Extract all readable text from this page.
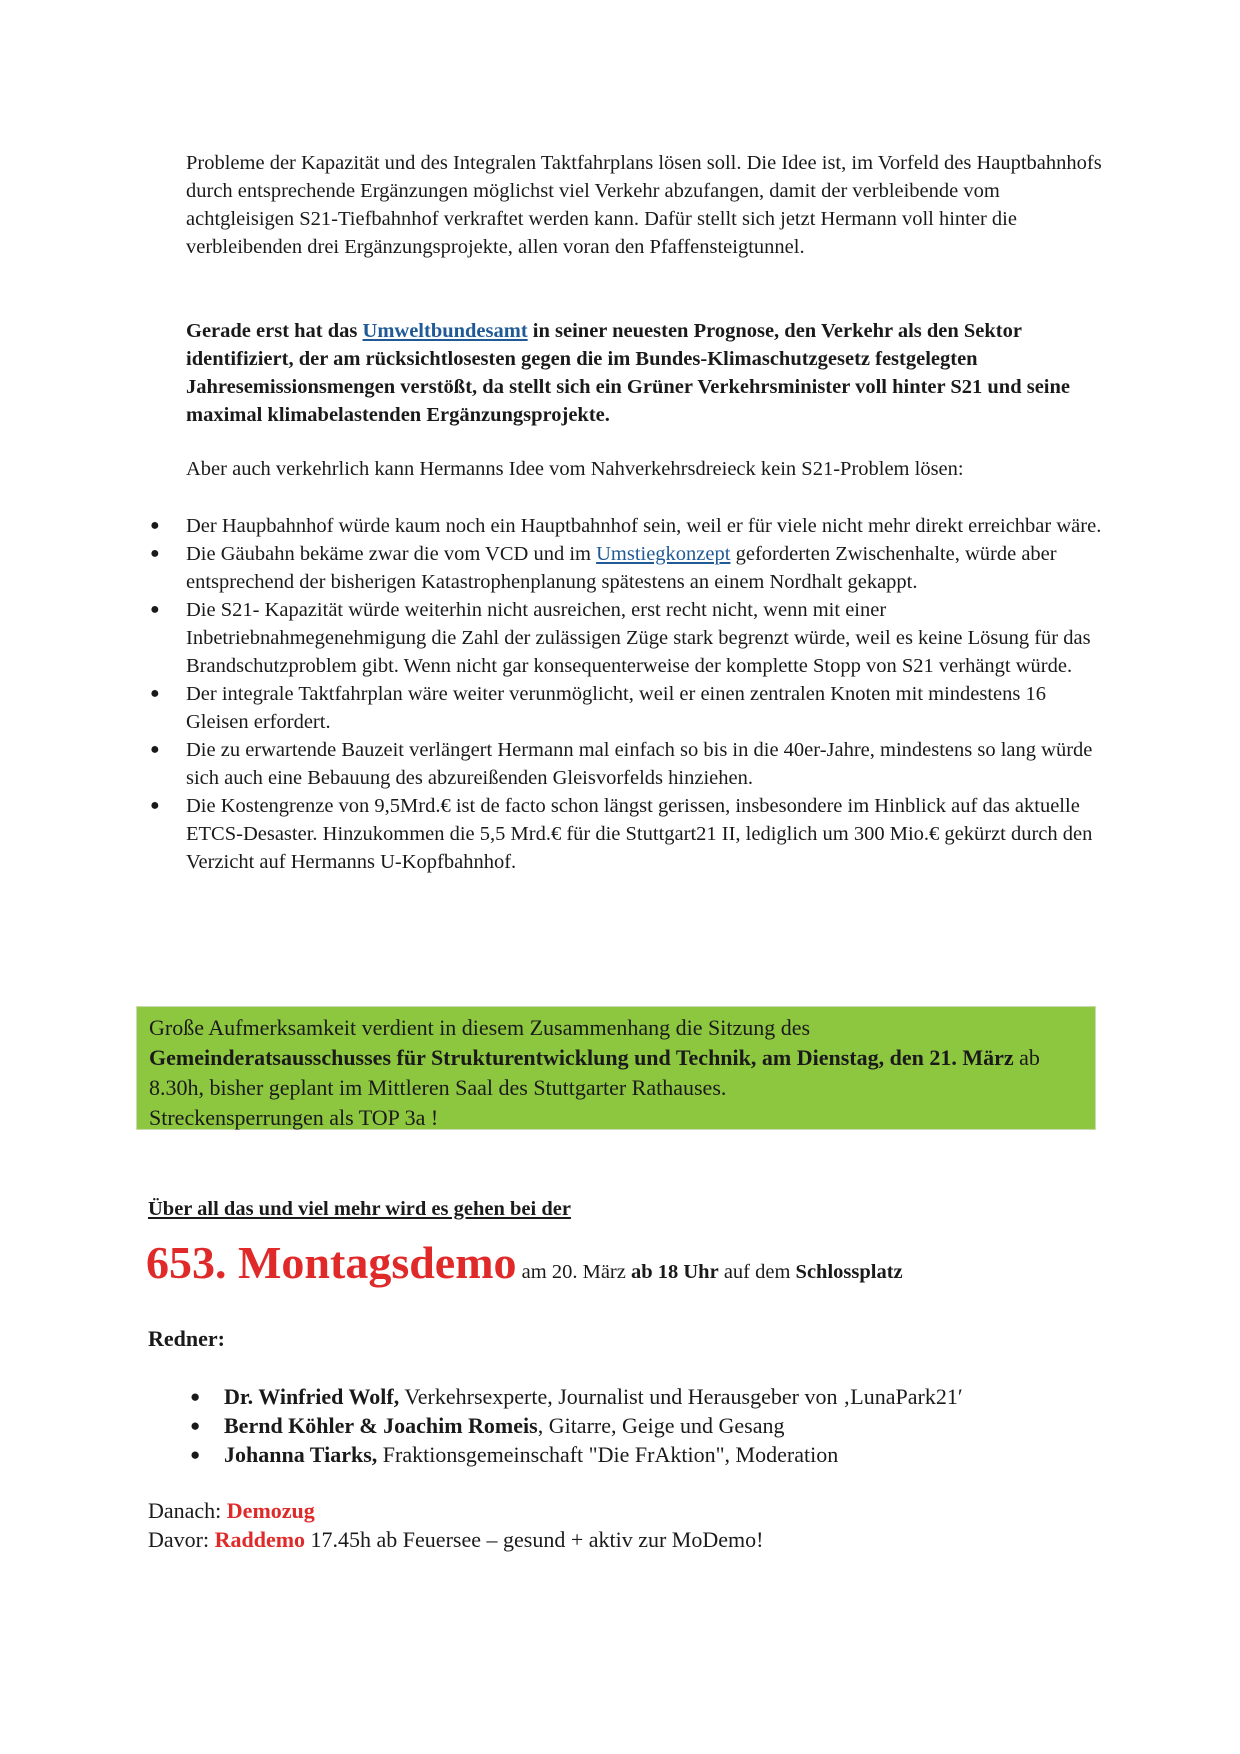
Probleme der Kapazität und des Integralen Taktfahrplans lösen soll. Die Idee ist, im Vorfeld des Hauptbahnhofs durch entsprechende Ergänzungen möglichst viel Verkehr abzufangen, damit der verbleibende vom achtgleisigen S21-Tiefbahnhof verkraftet werden kann. Dafür stellt sich jetzt Hermann voll hinter die verbleibenden drei Ergänzungsprojekte, allen voran den Pfaffensteigtunnel.

Gerade erst hat das Umweltbundesamt in seiner neuesten Prognose, den Verkehr als den Sektor identifiziert, der am rücksichtlosesten gegen die im Bundes-Klimaschutzgesetz festgelegten Jahresemissionsmengen verstößt, da stellt sich ein Grüner Verkehrsminister voll hinter S21 und seine maximal klimabelastenden Ergänzungsprojekte.

Aber auch verkehrlich kann Hermanns Idee vom Nahverkehrsdreieck kein S21-Problem lösen:

● Der Haupbahnhof würde kaum noch ein Hauptbahnhof sein, weil er für viele nicht mehr direkt erreichbar wäre.
● Die Gäubahn bekäme zwar die vom VCD und im Umstiegkonzept geforderten Zwischenhalte, würde aber entsprechend der bisherigen Katastrophenplanung spätestens an einem Nordhalt gekappt.
● Die S21- Kapazität würde weiterhin nicht ausreichen, erst recht nicht, wenn mit einer Inbetriebnahmegenehmigung die Zahl der zulässigen Züge stark begrenzt würde, weil es keine Lösung für das Brandschutzproblem gibt. Wenn nicht gar konsequenterweise der komplette Stopp von S21 verhängt würde.
● Der integrale Taktfahrplan wäre weiter verunmöglicht, weil er einen zentralen Knoten mit mindestens 16 Gleisen erfordert.
● Die zu erwartende Bauzeit verlängert Hermann mal einfach so bis in die 40er-Jahre, mindestens so lang würde sich auch eine Bebauung des abzureißenden Gleisvorfelds hinziehen.
● Die Kostengrenze von 9,5Mrd.€ ist de facto schon längst gerissen, insbesondere im Hinblick auf das aktuelle ETCS-Desaster. Hinzukommen die 5,5 Mrd.€ für die Stuttgart21 II, lediglich um 300 Mio.€ gekürzt durch den Verzicht auf Hermanns U-Kopfbahnhof.
Große Aufmerksamkeit verdient in diesem Zusammenhang die Sitzung des
Gemeinderatsausschusses für Strukturentwicklung und Technik, am Dienstag, den 21. März ab 8.30h, bisher geplant im Mittleren Saal des Stuttgarter Rathauses.
Streckensperrungen als TOP 3a !
Über all das und viel mehr wird es gehen bei der
653. Montagsdemo am 20. März ab 18 Uhr auf dem Schlossplatz
Redner:
● Dr. Winfried Wolf, Verkehrsexperte, Journalist und Herausgeber von ‚LunaPark21′
● Bernd Köhler & Joachim Romeis, Gitarre, Geige und Gesang
● Johanna Tiarks, Fraktionsgemeinschaft "Die FrAktion", Moderation
Danach: Demozug
Davor: Raddemo 17.45h ab Feuersee – gesund + aktiv zur MoDemo!
